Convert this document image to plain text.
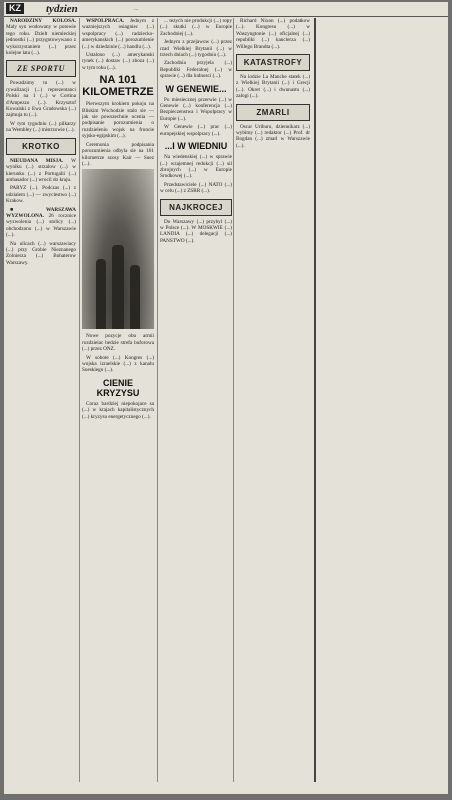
KZ tydzien	...

NARODZINY KOLOSA. Maly syn wodowany w potowie tego roku. Dzielt niemieckiej jednostki (...) przygotowywano z wykorzystaniem (...) przez kolejne lata (...).

ZE SPORTU

Powadzimy tu (...) w rywalizacji (...) reprezentanci Polski na 1 (...) w Cortina d'Ampezzo (...). Krzysztof Kowalski z Ewa Gradowska (...) zajmuja tu (...).

W tym tygodniu (...) pilkarzy na Wembley (...) mistrzowie (...).

KROTKO

NIEUDANA MISJA. W wyniku (...) strzalow (...) w kierunku (...) z Portugalii (...) ambasador (...) wrocil do kraju.

PARYZ (...). Podczas (...) z udzialem (...) — zwyciestwo (...) Krakow.

■ WARSZAWA WYZWOLONA. 26 rocznice wyzwolenia (...) stolicy (...) obchodzono (...) w Warszawie (...).

Na ulicach (...) warszawiacy (...) przy Grobie Nieznanego Zolnierza (...) Bohaterow Warszawy.

WSPOLPRACA. Jednym z wazniejszych osiagniec (...) wspolpracy (...) radziecko-amerykanskich (...) porozumienie (...) w dziedzinie (...) handlu (...).

Ustalono (...) amerykanski rynek (...) dostaw (...) zboza (...) w tym roku (...).

NA 101 KILOMETRZE

Pierwszym krokiem pokoju na Bliskim Wschodzie stalo sie — jak sie powszechnie ocenia — podpisanie porozumienia o rozdzieleniu wojsk na froncie syjsko-egipskim (...).

Ceremonia podpisania porozumienia odbyla sie na 101 kilometrze szosy Kair — Suez (...).

Nowe pozycje obu armii rozdzielac bedzie strefa buforowa (...) przez ONZ.

W sobote (...) Kongres (...) wojska izraelskie (...) z kanalu Sueskiego (...).

CIENIE KRYZYSU

Coraz bardziej niepokojace sa (...) w krajach kapitalistycznych (...) kryzysu energetycznego (...).

... tezych nie produkcji (...) ropy (...) skutki (...) w Europie Zachodniej (...).

Jednym z przejawow (...) przez rzad Wielkiej Brytanii (...) w trzech dniach (...) tygodniu (...).

Zachodnia przyjela (...) Republiki Federalnej (...) w sprawie (...) dla ludnosci (...).

W GENEWIE...

Po miesiecznej przerwie (...) w Genewie (...) konferencja (...) Bezpieczenstwa i Wspolpracy w Europie (...).

W Genewie (...) prac (...) europejskiej wspolpracy (...).

...I W WIEDNIU

Na wiedenskiej (...) w sprawie (...) wzajemnej redukcji (...) sil zbrojnych (...) w Europie Srodkowej (...).

Przedstawiciele (...) NATO (...) w celu (...) z ZSRR (...).

NAJKROCEJ

Do Warszawy (...) przybyl (...) w Polsce (...). W MOSKWIE (...) LANDIA (...) delegacji (...) PANSTWO (...).

Richard Nixon (...) podatkow (...). Kongresu (...) w Waszyngtonie (...) oficjalnej (...) republiki (...) kanclerza (...) Willego Brandta (...).

KATASTROFY

Na lodzie La Manche statek (...) z Wielkiej Brytanii (...) i Grecji (...). Okret (...) i dwunastu (...) zalogi (...).

ZMARLI

Oscar Uriburu, dziennikarz (...) wybitny (...) redaktor (...) Prof. dr Bogdan (...) zmarl w Warszawie (...).
